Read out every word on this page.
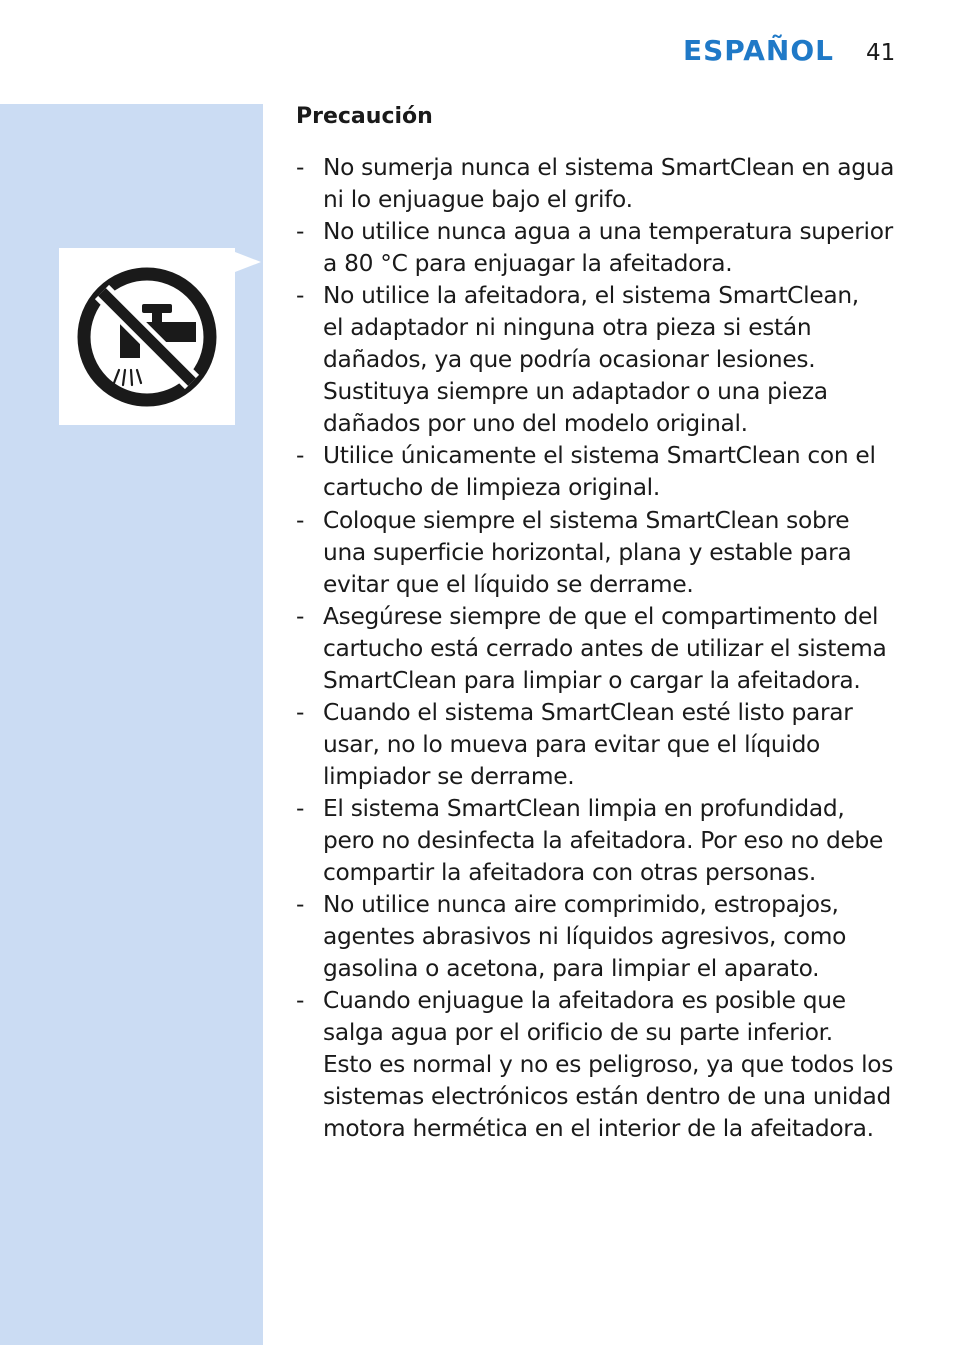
ESPAÑOL 41
Precaución
- No sumerja nunca el sistema SmartClean en agua
ni lo enjuague bajo el grifo.
- No utilice nunca agua a una temperatura superior
a 80 °C para enjuagar la afeitadora.
- No utilice la afeitadora, el sistema SmartClean,
el adaptador ni ninguna otra pieza si están
dañados, ya que podría ocasionar lesiones.
Sustituya siempre un adaptador o una pieza
dañados por uno del modelo original.
- Utilice únicamente el sistema SmartClean con el
cartucho de limpieza original.
- Coloque siempre el sistema SmartClean sobre
una superficie horizontal, plana y estable para
evitar que el líquido se derrame.
- Asegúrese siempre de que el compartimento del
cartucho está cerrado antes de utilizar el sistema
SmartClean para limpiar o cargar la afeitadora.
- Cuando el sistema SmartClean esté listo parar
usar, no lo mueva para evitar que el líquido
limpiador se derrame.
- El sistema SmartClean limpia en profundidad,
pero no desinfecta la afeitadora. Por eso no debe
compartir la afeitadora con otras personas.
- No utilice nunca aire comprimido, estropajos,
agentes abrasivos ni líquidos agresivos, como
gasolina o acetona, para limpiar el aparato.
- Cuando enjuague la afeitadora es posible que
salga agua por el orificio de su parte inferior.
Esto es normal y no es peligroso, ya que todos los
sistemas electrónicos están dentro de una unidad
motora hermética en el interior de la afeitadora.
